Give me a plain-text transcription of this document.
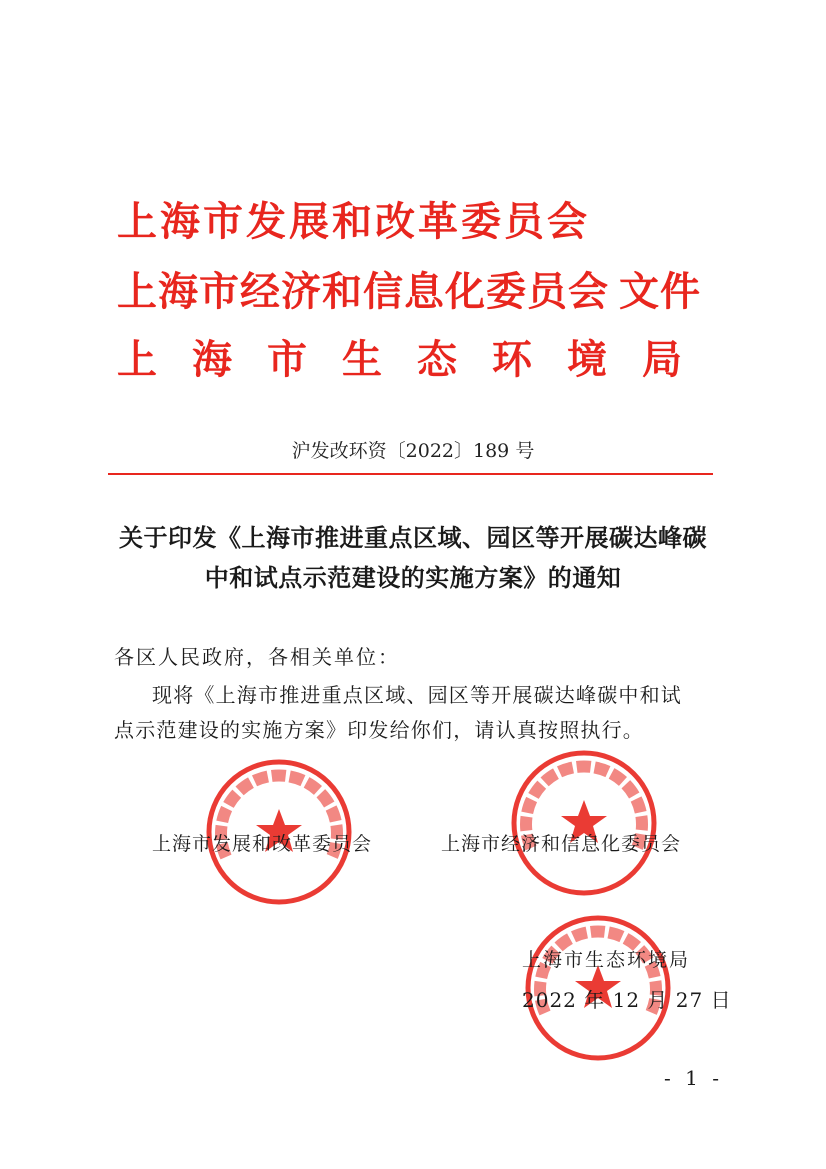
上海市发展和改革委员会
上海市经济和信息化委员会 文件
上海市生态环境局
沪发改环资〔2022〕189 号
关于印发《上海市推进重点区域、园区等开展碳达峰碳
中和试点示范建设的实施方案》的通知
各区人民政府，各相关单位：
现将《上海市推进重点区域、园区等开展碳达峰碳中和试
点示范建设的实施方案》印发给你们，请认真按照执行。
上海市发展和改革委员会	上海市经济和信息化委员会
上海市生态环境局
2022 年 12 月 27 日
- 1 -
